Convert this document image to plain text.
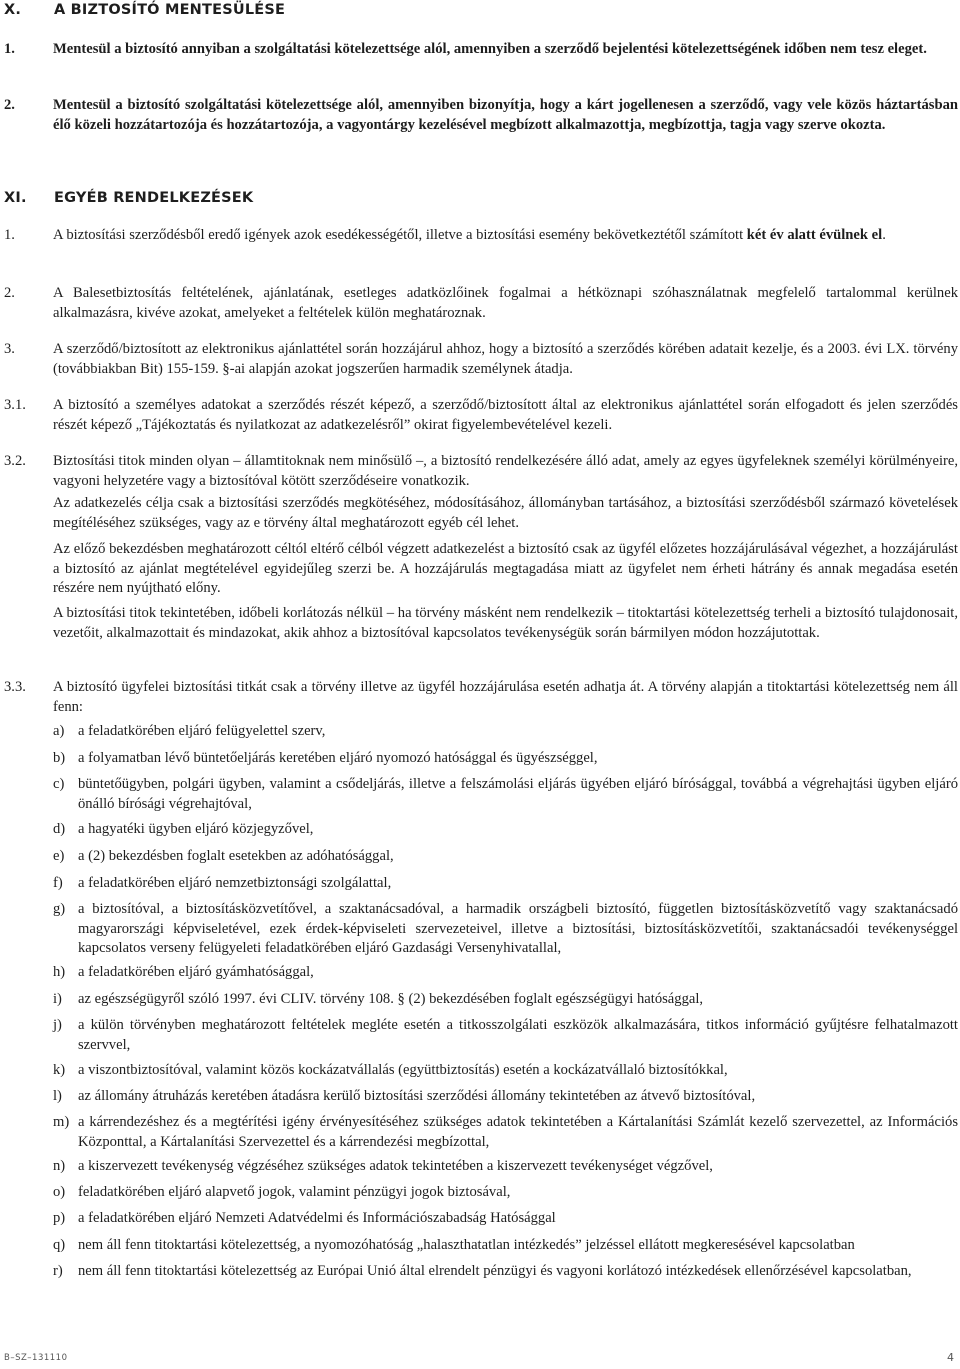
X. A BIZTOSÍTÓ MENTESÜLÉSE
1.	Mentesül a biztosító annyiban a szolgáltatási kötelezettsége alól, amennyiben a szerződő bejelentési kötelezettségének időben nem tesz eleget.
2.	Mentesül a biztosító szolgáltatási kötelezettsége alól, amennyiben bizonyítja, hogy a kárt jogellenesen a szerződő, vagy vele közös háztartásban élő közeli hozzátartozója és hozzátartozója, a vagyontárgy kezelésével megbízott alkalmazottja, megbízottja, tagja vagy szerve okozta.
XI. EGYÉB RENDELKEZÉSEK
1.	A biztosítási szerződésből eredő igények azok esedékességétől, illetve a biztosítási esemény bekövetkeztétől számított két év alatt évülnek el.
2.	A Balesetbiztosítás feltételének, ajánlatának, esetleges adatközlőinek fogalmai a hétköznapi szóhasználatnak megfelelő tartalommal kerülnek alkalmazásra, kivéve azokat, amelyeket a feltételek külön meghatároznak.
3.	A szerződő/biztosított az elektronikus ajánlattétel során hozzájárul ahhoz, hogy a biztosító a szerződés körében adatait kezelje, és a 2003. évi LX. törvény (továbbiakban Bit) 155-159. §-ai alapján azokat jogszerűen harmadik személynek átadja.
3.1. A biztosító a személyes adatokat a szerződés részét képező, a szerződő/biztosított által az elektronikus ajánlattétel során elfogadott és jelen szerződés részét képező „Tájékoztatás és nyilatkozat az adatkezelésről” okirat figyelembevételével kezeli.
3.2. Biztosítási titok minden olyan – államtitoknak nem minősülő –, a biztosító rendelkezésére álló adat, amely az egyes ügyfeleknek személyi körülményeire, vagyoni helyzetére vagy a biztosítóval kötött szerződéseire vonatkozik.
Az adatkezelés célja csak a biztosítási szerződés megkötéséhez, módosításához, állományban tartásához, a biztosítási szerződésből származó követelések megítéléséhez szükséges, vagy az e törvény által meghatározott egyéb cél lehet.
Az előző bekezdésben meghatározott céltól eltérő célból végzett adatkezelést a biztosító csak az ügyfél előzetes hozzájárulásával végezhet, a hozzájárulást a biztosító az ajánlat megtételével egyidejűleg szerzi be. A hozzájárulás megtagadása miatt az ügyfelet nem érheti hátrány és annak megadása esetén részére nem nyújtható előny.
A biztosítási titok tekintetében, időbeli korlátozás nélkül – ha törvény másként nem rendelkezik – titoktartási kötelezettség terheli a biztosító tulajdonosait, vezetőit, alkalmazottait és mindazokat, akik ahhoz a biztosítóval kapcsolatos tevékenységük során bármilyen módon hozzájutottak.
3.3. A biztosító ügyfelei biztosítási titkát csak a törvény illetve az ügyfél hozzájárulása esetén adhatja át. A törvény alapján a titoktartási kötelezettség nem áll fenn:
a) a feladatkörében eljáró felügyelettel szerv,
b) a folyamatban lévő büntetőeljárás keretében eljáró nyomozó hatósággal és ügyészséggel,
c) büntetőügyben, polgári ügyben, valamint a csődeljárás, illetve a felszámolási eljárás ügyében eljáró bírósággal, továbbá a végrehajtási ügyben eljáró önálló bírósági végrehajtóval,
d) a hagyatéki ügyben eljáró közjegyzővel,
e) a (2) bekezdésben foglalt esetekben az adóhatósággal,
f) a feladatkörében eljáró nemzetbiztonsági szolgálattal,
g) a biztosítóval, a biztosításközvetítővel, a szaktanácsadóval, a harmadik országbeli biztosító, független biztosításközvetítő vagy szaktanácsadó magyarországi képviseletével, ezek érdek-képviseleti szervezeteivel, illetve a biztosítási, biztosításközvetítői, szaktanácsadói tevékenységgel kapcsolatos verseny felügyeleti feladatkörében eljáró Gazdasági Versenyhivatallal,
h) a feladatkörében eljáró gyámhatósággal,
i) az egészségügyről szóló 1997. évi CLIV. törvény 108. § (2) bekezdésében foglalt egészségügyi hatósággal,
j) a külön törvényben meghatározott feltételek megléte esetén a titkosszolgálati eszközök alkalmazására, titkos információ gyűjtésre felhatalmazott szervvel,
k) a viszontbiztosítóval, valamint közös kockázatvállalás (együttbiztosítás) esetén a kockázatvállaló biztosítókkal,
l) az állomány átruházás keretében átadásra kerülő biztosítási szerződési állomány tekintetében az átvevő biztosítóval,
m) a kárrendezéshez és a megtérítési igény érvényesítéséhez szükséges adatok tekintetében a Kártalanítási Számlát kezelő szervezettel, az Információs Központtal, a Kártalanítási Szervezettel és a kárrendezési megbízottal,
n) a kiszervezett tevékenység végzéséhez szükséges adatok tekintetében a kiszervezett tevékenységet végzővel,
o) feladatkörében eljáró alapvető jogok, valamint pénzügyi jogok biztosával,
p) a feladatkörében eljáró Nemzeti Adatvédelmi és Információszabadság Hatósággal
q) nem áll fenn titoktartási kötelezettség, a nyomozóhatóság „halaszthatatlan intézkedés” jelzéssel ellátott megkeresésével kapcsolatban
r) nem áll fenn titoktartási kötelezettség az Európai Unió által elrendelt pénzügyi és vagyoni korlátozó intézkedések ellenőrzésével kapcsolatban,
B–SZ–131110	4
